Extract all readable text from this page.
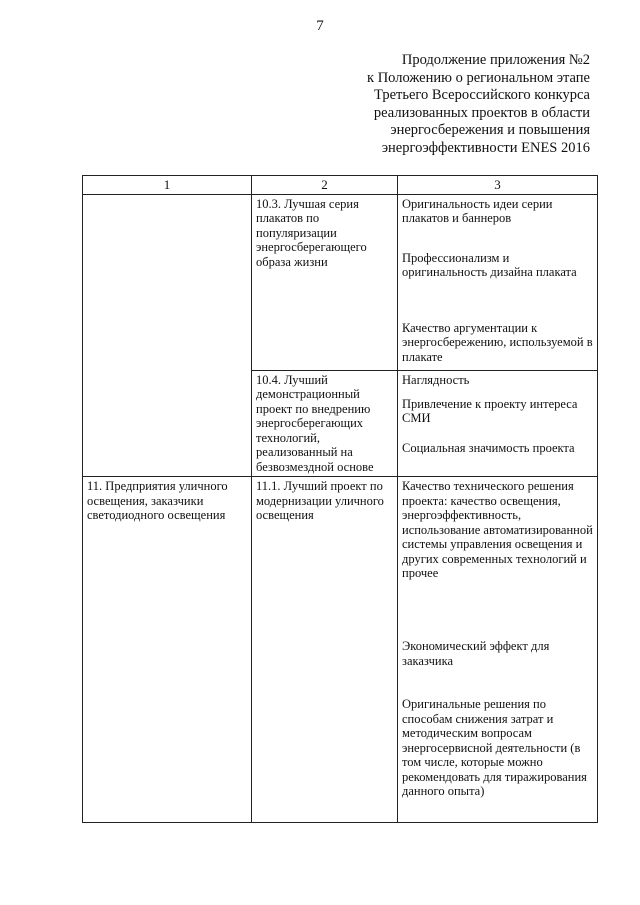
7
Продолжение приложения №2
к Положению о региональном этапе
Третьего Всероссийского конкурса
реализованных проектов в области
энергосбережения и повышения
энергоэффективности ENES 2016
1	2	3
	10.3. Лучшая серия плакатов по популяризации энергосберегающего образа жизни	Оригинальность идеи серии плакатов и баннеров
Профессионализм и оригинальность дизайна плаката
Качество аргументации к энергосбережению, используемой в плакате

	10.4. Лучший демонстрационный проект по внедрению энергосберегающих технологий, реализованный на безвозмездной основе	Наглядность
Привлечение к проекту интереса СМИ
Социальная значимость проекта

11. Предприятия уличного освещения, заказчики светодиодного освещения	11.1. Лучший проект по модернизации уличного освещения	Качество технического решения проекта: качество освещения, энергоэффективность, использование автоматизированной системы управления освещения и других современных технологий и прочее
Экономический эффект для заказчика
Оригинальные решения по способам снижения затрат и методическим вопросам энергосервисной деятельности (в том числе, которые можно рекомендовать для тиражирования данного опыта)
